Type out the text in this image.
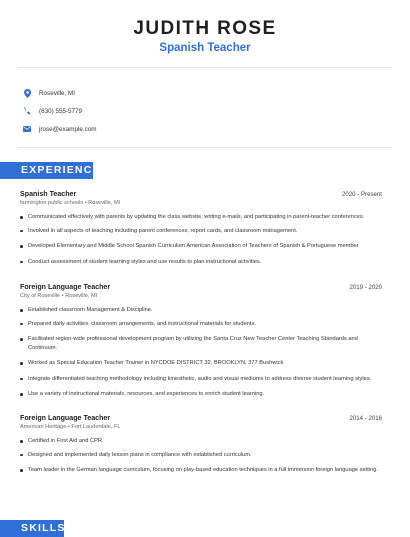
JUDITH ROSE
Spanish Teacher
Roseville, MI
(630) 555-5779
jrose@example.com
EXPERIENCE
Spanish Teacher	2020 - Present
farmington public schools • Roseville, MI
Communicated effectively with parents by updating the class website, writing e-mails, and participating in parent-teacher conferences.
Involved in all aspects of teaching including parent conferences, report cards, and classroom management.
Developed Elementary and Middle School Spanish Curriculum American Association of Teachers of Spanish & Portuguese member
Conduct assessment of student learning styles and use results to plan instructional activities.
Foreign Language Teacher	2019 - 2020
City of Roseville • Roseville, MI
Established classroom Management & Discipline.
Prepared daily activities, classroom arrangements, and instructional materials for students.
Facilitated region-wide professional development program by utilizing the Santa Cruz New Teacher Center Teaching Standards and Continuum.
Worked as Special Education Teacher Trainer in NYCDOE DISTRICT 32, BROOKLYN, 377 Bushwick
Integrate differentiated teaching methodology including kinesthetic, audio and visual mediums to address diverse student learning styles.
Use a variety of instructional materials, resources, and experiences to enrich student learning.
Foreign Language Teacher	2014 - 2016
American Heritage • Fort Lauderdale, FL
Certified in First Aid and CPR.
Designed and implemented daily lesson plans in compliance with established curriculum.
Team leader in the German language curriculum, focusing on play-based education techniques in a full immersion foreign language setting.
SKILLS
